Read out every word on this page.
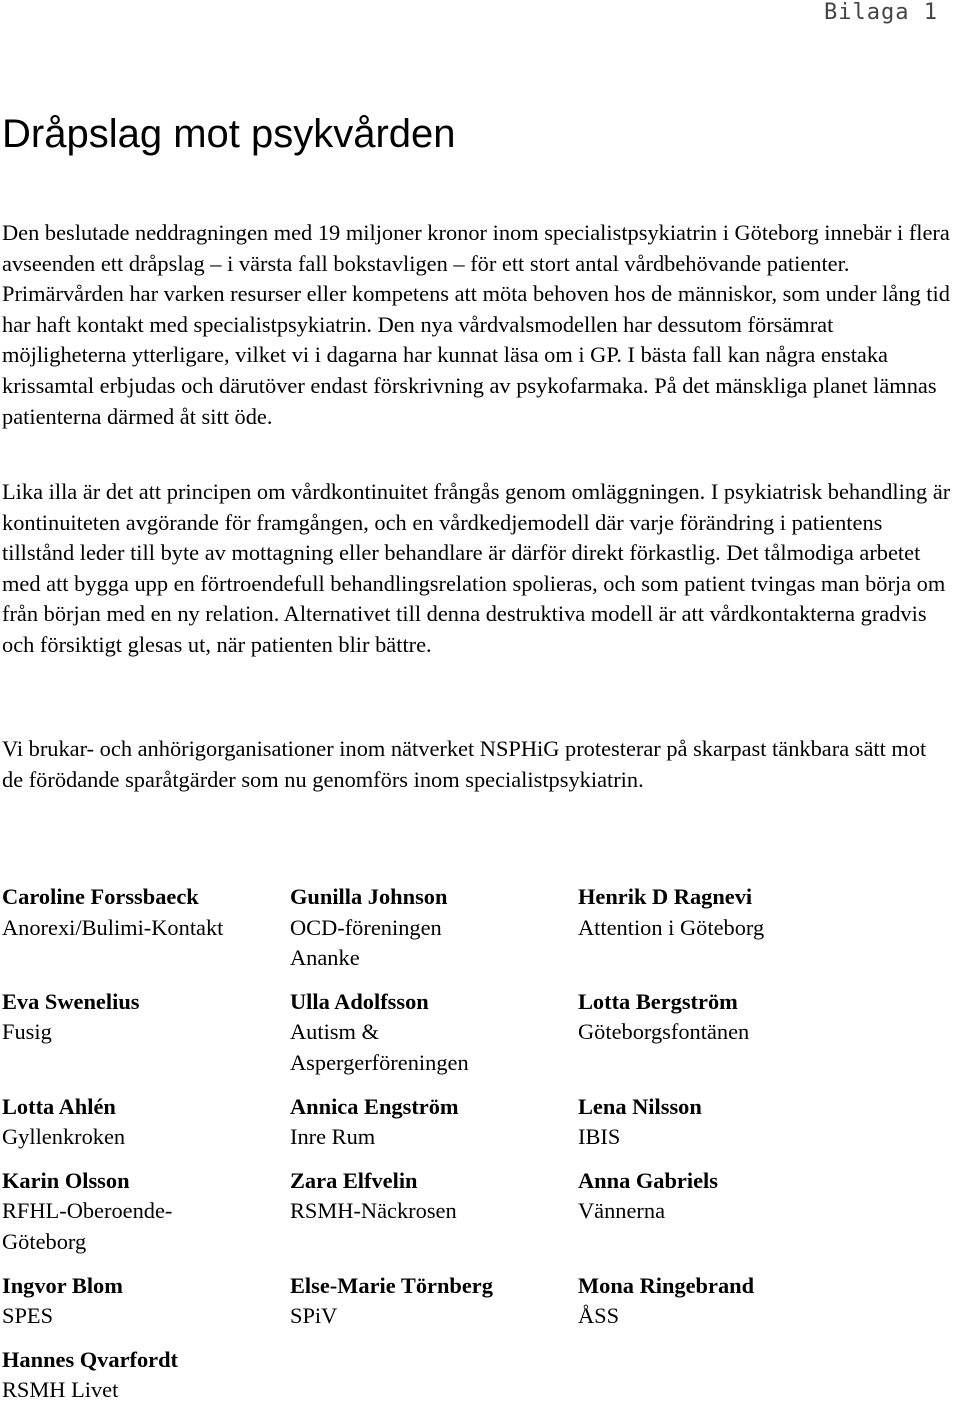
Bilaga 1
Dråpslag mot psykvården

Den beslutade neddragningen med 19 miljoner kronor inom specialistpsykiatrin i Göteborg innebär i flera avseenden ett dråpslag – i värsta fall bokstavligen – för ett stort antal vårdbehövande patienter. Primärvården har varken resurser eller kompetens att möta behoven hos de människor, som under lång tid har haft kontakt med specialistpsykiatrin. Den nya vårdvalsmodellen har dessutom försämrat möjligheterna ytterligare, vilket vi i dagarna har kunnat läsa om i GP. I bästa fall kan några enstaka krissamtal erbjudas och därutöver endast förskrivning av psykofarmaka. På det mänskliga planet lämnas patienterna därmed åt sitt öde.

Lika illa är det att principen om vårdkontinuitet frångås genom omläggningen. I psykiatrisk behandling är kontinuiteten avgörande för framgången, och en vårdkedjemodell där varje förändring i patientens tillstånd leder till byte av mottagning eller behandlare är därför direkt förkastlig. Det tålmodiga arbetet med att bygga upp en förtroendefull behandlingsrelation spolieras, och som patient tvingas man börja om från början med en ny relation. Alternativet till denna destruktiva modell är att vårdkontakterna gradvis och försiktigt glesas ut, när patienten blir bättre.

Vi brukar- och anhörigorganisationer inom nätverket NSPHiG protesterar på skarpast tänkbara sätt mot de förödande sparåtgärder som nu genomförs inom specialistpsykiatrin.

Caroline Forssbaeck
Anorexi/Bulimi-Kontakt
Gunilla Johnson
OCD-föreningen Ananke
Henrik D Ragnevi
Attention i Göteborg
Eva Swenelius
Fusig
Ulla Adolfsson
Autism & Aspergerföreningen
Lotta Bergström
Göteborgsfontänen
Lotta Ahlén
Gyllenkroken
Annica Engström
Inre Rum
Lena Nilsson
IBIS
Karin Olsson
RFHL-Oberoende-Göteborg
Zara Elfvelin
RSMH-Näckrosen
Anna Gabriels
Vännerna
Ingvor Blom
SPES
Else-Marie Törnberg
SPiV
Mona Ringebrand
ÅSS
Hannes Qvarfordt
RSMH Livet
